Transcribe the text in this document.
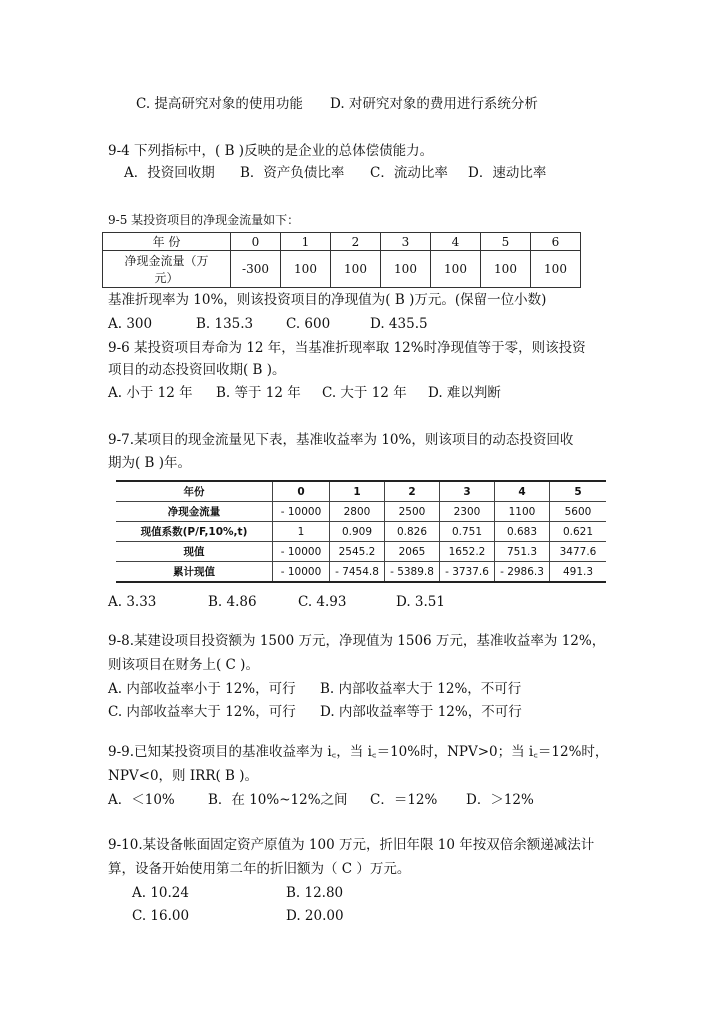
C. 提高研究对象的使用功能 D. 对研究对象的费用进行系统分析
9-4 下列指标中，( B )反映的是企业的总体偿债能力。
A．投资回收期 B．资产负债比率 C．流动比率 D．速动比率
9-5 某投资项目的净现金流量如下：
年 份	0	1	2	3	4	5	6

净现金流量（万
元）	-300	100	100	100	100	100	100
基准折现率为 10%，则该投资项目的净现值为( B )万元。(保留一位小数)
A. 300	B. 135.3 C. 600	D. 435.5
9-6 某投资项目寿命为 12 年，当基准折现率取 12%时净现值等于零，则该投资
项目的动态投资回收期( B )。
A. 小于 12 年 B. 等于 12 年 C. 大于 12 年 D. 难以判断
9-7.某项目的现金流量见下表，基准收益率为 10%，则该项目的动态投资回收
期为( B )年。
年份	0	1	2	3	4	5
净现金流量	- 10000	2800	2500	2300	1100	5600
现值系数(P/F,10%,t)	1	0.909	0.826	0.751	0.683	0.621
现值	- 10000	2545.2	2065	1652.2	751.3	3477.6
累计现值	- 10000	- 7454.8	- 5389.8	- 3737.6	- 2986.3	491.3
A. 3.33	B. 4.86	C. 4.93	D. 3.51
9-8.某建设项目投资额为 1500 万元，净现值为 1506 万元，基准收益率为 12%，
则该项目在财务上( C )。
A. 内部收益率小于 12%，可行 B. 内部收益率大于 12%，不可行
C. 内部收益率大于 12%，可行 D. 内部收益率等于 12%，不可行
9-9.已知某投资项目的基准收益率为 i꜀，当 i꜀＝10%时，NPV>0；当 i꜀＝12%时，
NPV<0，则 IRR( B )。
A．＜10% B．在 10%~12%之间 C．＝12% D．＞12%
9-10.某设备帐面固定资产原值为 100 万元，折旧年限 10 年按双倍余额递减法计
算，设备开始使用第二年的折旧额为（ C ）万元。
A. 10.24	B. 12.80
C. 16.00	D. 20.00
